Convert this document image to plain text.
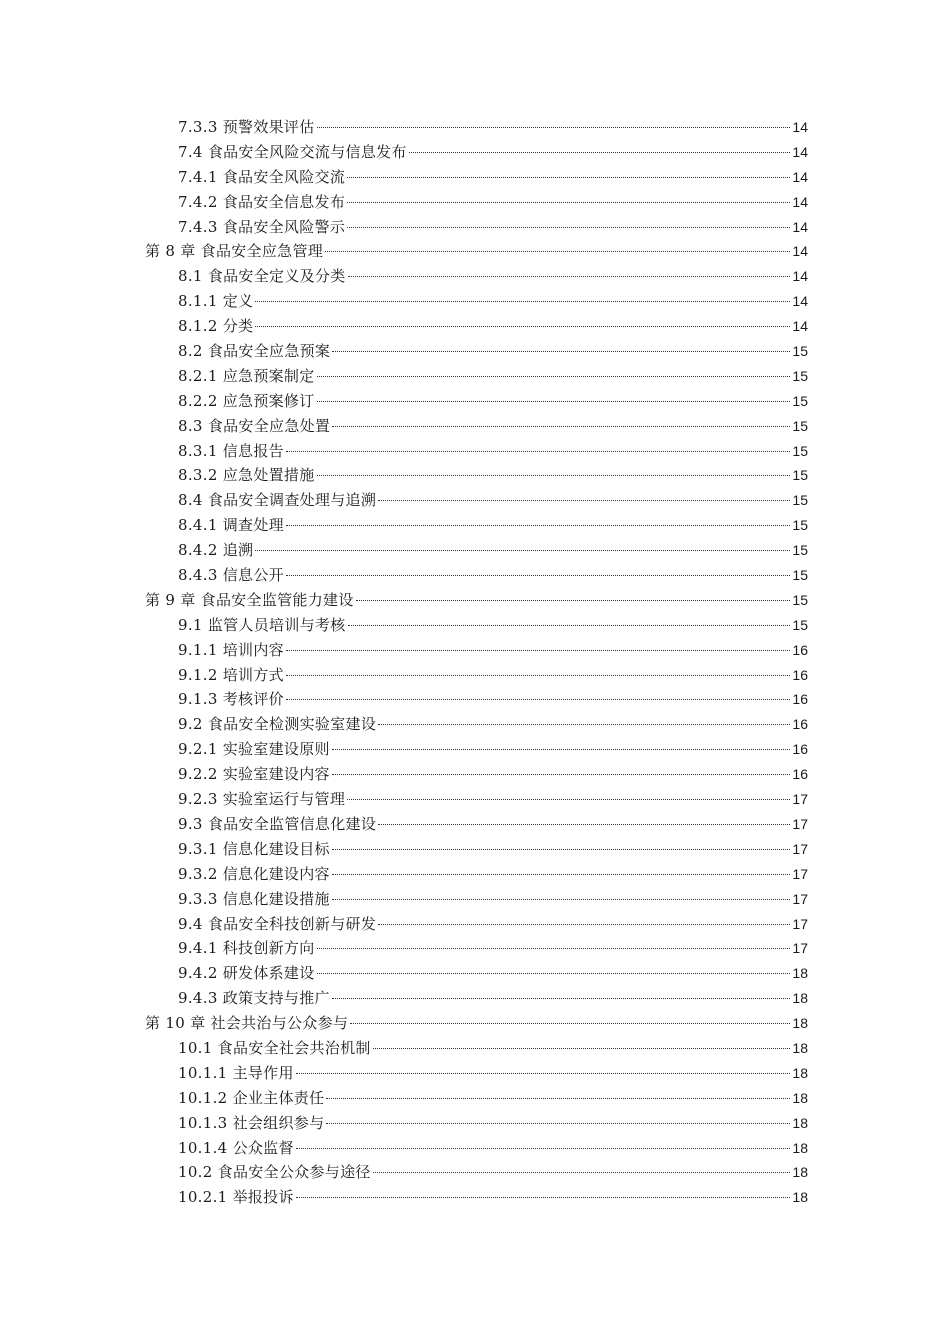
7.3.3 预警效果评估	14
7.4 食品安全风险交流与信息发布	14
7.4.1 食品安全风险交流	14
7.4.2 食品安全信息发布	14
7.4.3 食品安全风险警示	14
第 8 章 食品安全应急管理	14
8.1 食品安全定义及分类	14
8.1.1 定义	14
8.1.2 分类	14
8.2 食品安全应急预案	15
8.2.1 应急预案制定	15
8.2.2 应急预案修订	15
8.3 食品安全应急处置	15
8.3.1 信息报告	15
8.3.2 应急处置措施	15
8.4 食品安全调查处理与追溯	15
8.4.1 调查处理	15
8.4.2 追溯	15
8.4.3 信息公开	15
第 9 章 食品安全监管能力建设	15
9.1 监管人员培训与考核	15
9.1.1 培训内容	16
9.1.2 培训方式	16
9.1.3 考核评价	16
9.2 食品安全检测实验室建设	16
9.2.1 实验室建设原则	16
9.2.2 实验室建设内容	16
9.2.3 实验室运行与管理	17
9.3 食品安全监管信息化建设	17
9.3.1 信息化建设目标	17
9.3.2 信息化建设内容	17
9.3.3 信息化建设措施	17
9.4 食品安全科技创新与研发	17
9.4.1 科技创新方向	17
9.4.2 研发体系建设	18
9.4.3 政策支持与推广	18
第 10 章 社会共治与公众参与	18
10.1 食品安全社会共治机制	18
10.1.1 主导作用	18
10.1.2 企业主体责任	18
10.1.3 社会组织参与	18
10.1.4 公众监督	18
10.2 食品安全公众参与途径	18
10.2.1 举报投诉	18
